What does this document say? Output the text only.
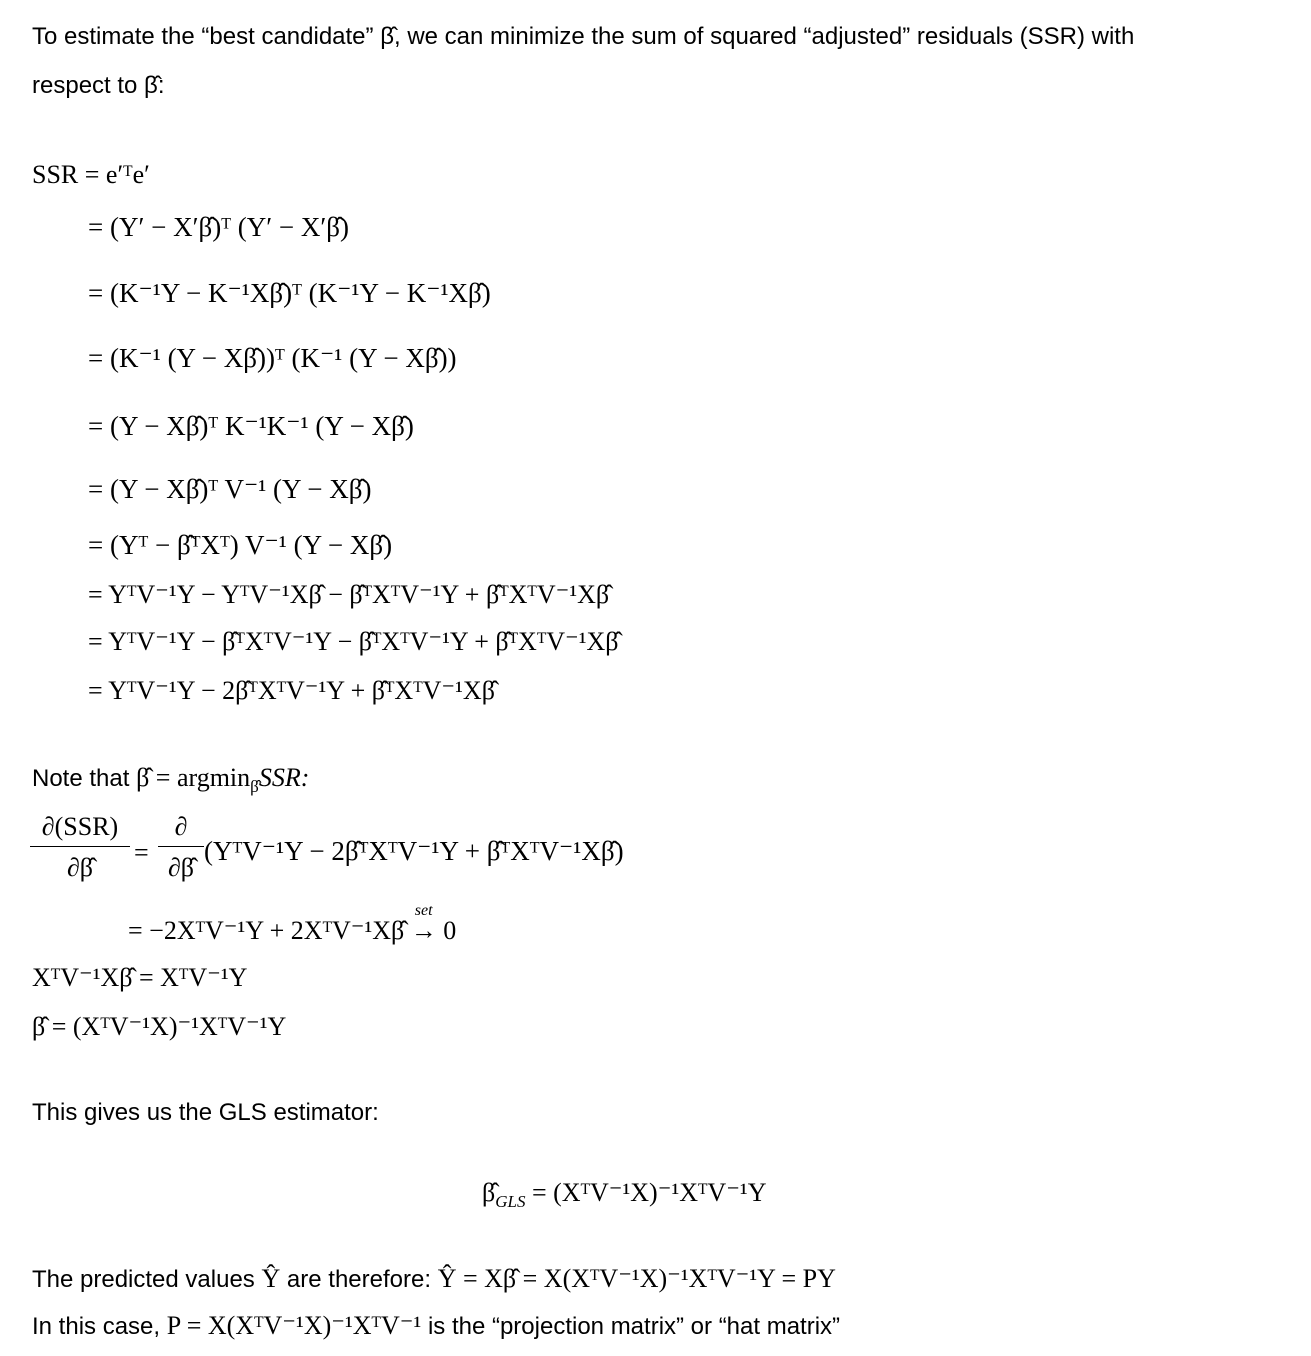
To estimate the “best candidate” β̂, we can minimize the sum of squared “adjusted” residuals (SSR) with
respect to β̂:
SSR = e′ᵀe′
= (Y′ − X′β̂)ᵀ (Y′ − X′β̂)
= (K⁻¹Y − K⁻¹Xβ̂)ᵀ (K⁻¹Y − K⁻¹Xβ̂)
= (K⁻¹ (Y − Xβ̂))ᵀ (K⁻¹ (Y − Xβ̂))
= (Y − Xβ̂)ᵀ K⁻¹K⁻¹ (Y − Xβ̂)
= (Y − Xβ̂)ᵀ V⁻¹ (Y − Xβ̂)
= (Yᵀ − β̂ᵀXᵀ) V⁻¹ (Y − Xβ̂)
= YᵀV⁻¹Y − YᵀV⁻¹Xβ̂ − β̂ᵀXᵀV⁻¹Y + β̂ᵀXᵀV⁻¹Xβ̂
= YᵀV⁻¹Y − β̂ᵀXᵀV⁻¹Y − β̂ᵀXᵀV⁻¹Y + β̂ᵀXᵀV⁻¹Xβ̂
= YᵀV⁻¹Y − 2β̂ᵀXᵀV⁻¹Y + β̂ᵀXᵀV⁻¹Xβ̂
Note that β̂ = argmin$_{\betâ}$SSR:
∂(SSR)
∂β̂
=
∂
∂β̂
(YᵀV⁻¹Y − 2β̂ᵀXᵀV⁻¹Y + β̂ᵀXᵀV⁻¹Xβ̂)
= −2XᵀV⁻¹Y + 2XᵀV⁻¹Xβ̂
set
→ 0
XᵀV⁻¹Xβ̂ = XᵀV⁻¹Y
β̂ = (XᵀV⁻¹X)⁻¹XᵀV⁻¹Y
This gives us the GLS estimator:
$\betâ_{GLS}$ = (XᵀV⁻¹X)⁻¹XᵀV⁻¹Y
The predicted values Ŷ are therefore: Ŷ = Xβ̂ = X(XᵀV⁻¹X)⁻¹XᵀV⁻¹Y = PY
In this case, P = X(XᵀV⁻¹X)⁻¹XᵀV⁻¹ is the “projection matrix” or “hat matrix”
